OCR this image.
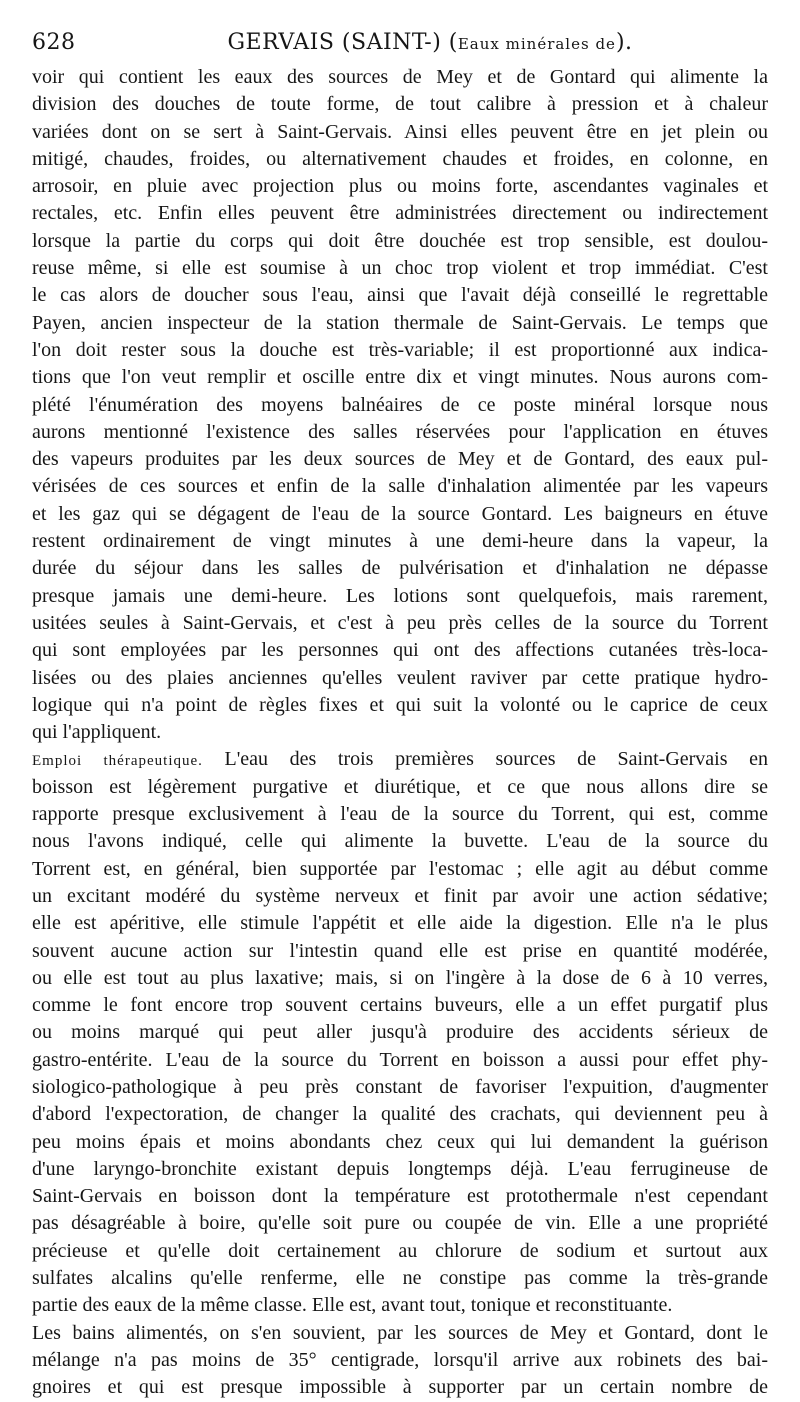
628	GERVAIS (SAINT-) (Eaux minérales de).
voir qui contient les eaux des sources de Mey et de Gontard qui alimente la
division des douches de toute forme, de tout calibre à pression et à chaleur
variées dont on se sert à Saint-Gervais. Ainsi elles peuvent être en jet plein ou
mitigé, chaudes, froides, ou alternativement chaudes et froides, en colonne, en
arrosoir, en pluie avec projection plus ou moins forte, ascendantes vaginales et
rectales, etc. Enfin elles peuvent être administrées directement ou indirectement
lorsque la partie du corps qui doit être douchée est trop sensible, est doulou-
reuse même, si elle est soumise à un choc trop violent et trop immédiat. C'est
le cas alors de doucher sous l'eau, ainsi que l'avait déjà conseillé le regrettable
Payen, ancien inspecteur de la station thermale de Saint-Gervais. Le temps que
l'on doit rester sous la douche est très-variable; il est proportionné aux indica-
tions que l'on veut remplir et oscille entre dix et vingt minutes. Nous aurons com-
plété l'énumération des moyens balnéaires de ce poste minéral lorsque nous
aurons mentionné l'existence des salles réservées pour l'application en étuves
des vapeurs produites par les deux sources de Mey et de Gontard, des eaux pul-
vérisées de ces sources et enfin de la salle d'inhalation alimentée par les vapeurs
et les gaz qui se dégagent de l'eau de la source Gontard. Les baigneurs en étuve
restent ordinairement de vingt minutes à une demi-heure dans la vapeur, la
durée du séjour dans les salles de pulvérisation et d'inhalation ne dépasse
presque jamais une demi-heure. Les lotions sont quelquefois, mais rarement,
usitées seules à Saint-Gervais, et c'est à peu près celles de la source du Torrent
qui sont employées par les personnes qui ont des affections cutanées très-loca-
lisées ou des plaies anciennes qu'elles veulent raviver par cette pratique hydro-
logique qui n'a point de règles fixes et qui suit la volonté ou le caprice de ceux
qui l'appliquent.
Emploi thérapeutique. L'eau des trois premières sources de Saint-Gervais en
boisson est légèrement purgative et diurétique, et ce que nous allons dire se
rapporte presque exclusivement à l'eau de la source du Torrent, qui est, comme
nous l'avons indiqué, celle qui alimente la buvette. L'eau de la source du
Torrent est, en général, bien supportée par l'estomac ; elle agit au début comme
un excitant modéré du système nerveux et finit par avoir une action sédative;
elle est apéritive, elle stimule l'appétit et elle aide la digestion. Elle n'a le plus
souvent aucune action sur l'intestin quand elle est prise en quantité modérée,
ou elle est tout au plus laxative; mais, si on l'ingère à la dose de 6 à 10 verres,
comme le font encore trop souvent certains buveurs, elle a un effet purgatif plus
ou moins marqué qui peut aller jusqu'à produire des accidents sérieux de
gastro-entérite. L'eau de la source du Torrent en boisson a aussi pour effet phy-
siologico-pathologique à peu près constant de favoriser l'expuition, d'augmenter
d'abord l'expectoration, de changer la qualité des crachats, qui deviennent peu à
peu moins épais et moins abondants chez ceux qui lui demandent la guérison
d'une laryngo-bronchite existant depuis longtemps déjà. L'eau ferrugineuse de
Saint-Gervais en boisson dont la température est protothermale n'est cependant
pas désagréable à boire, qu'elle soit pure ou coupée de vin. Elle a une propriété
précieuse et qu'elle doit certainement au chlorure de sodium et surtout aux
sulfates alcalins qu'elle renferme, elle ne constipe pas comme la très-grande
partie des eaux de la même classe. Elle est, avant tout, tonique et reconstituante.
Les bains alimentés, on s'en souvient, par les sources de Mey et Gontard, dont le
mélange n'a pas moins de 35° centigrade, lorsqu'il arrive aux robinets des bai-
gnoires et qui est presque impossible à supporter par un certain nombre de
